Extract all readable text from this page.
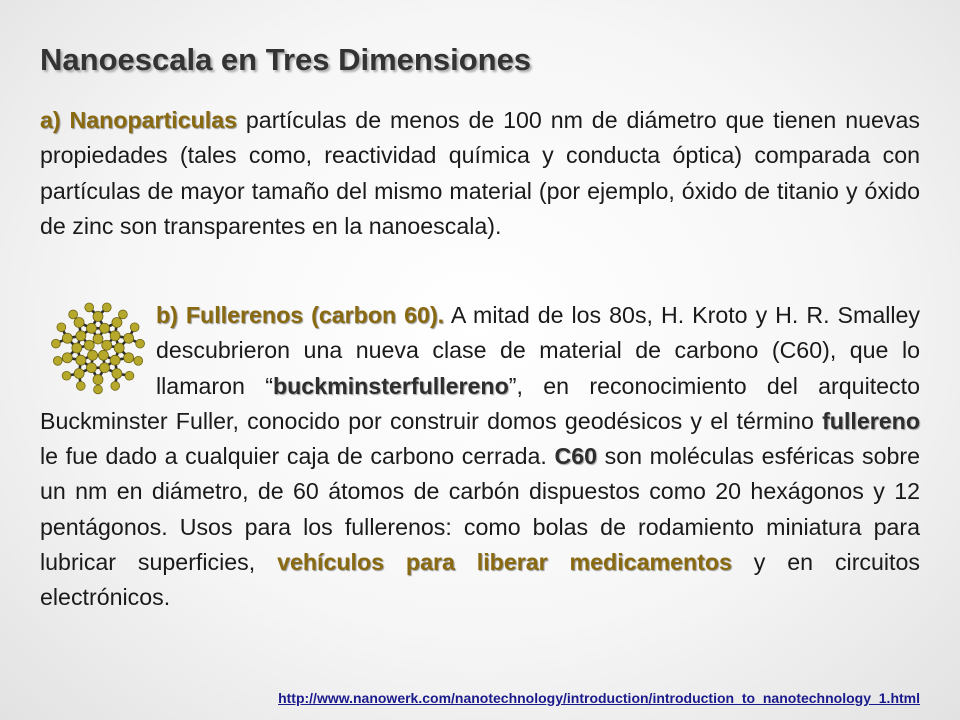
Nanoescala en Tres Dimensiones

a) Nanoparticulas partículas de menos de 100 nm de diámetro que tienen nuevas propiedades (tales como, reactividad química y conducta óptica) comparada con partículas de mayor tamaño del mismo material (por ejemplo, óxido de titanio y óxido de zinc son transparentes en la nanoescala).

b) Fullerenos (carbon 60). A mitad de los 80s, H. Kroto y H. R. Smalley descubrieron una nueva clase de material de carbono (C60), que lo llamaron “buckminsterfullereno”, en reconocimiento del arquitecto Buckminster Fuller, conocido por construir domos geodésicos y el término fullereno le fue dado a cualquier caja de carbono cerrada. C60 son moléculas esféricas sobre un nm en diámetro, de 60 átomos de carbón dispuestos como 20 hexágonos y 12 pentágonos. Usos para los fullerenos: como bolas de rodamiento miniatura para lubricar superficies, vehículos para liberar medicamentos y en circuitos electrónicos.

http://www.nanowerk.com/nanotechnology/introduction/introduction_to_nanotechnology_1.html
